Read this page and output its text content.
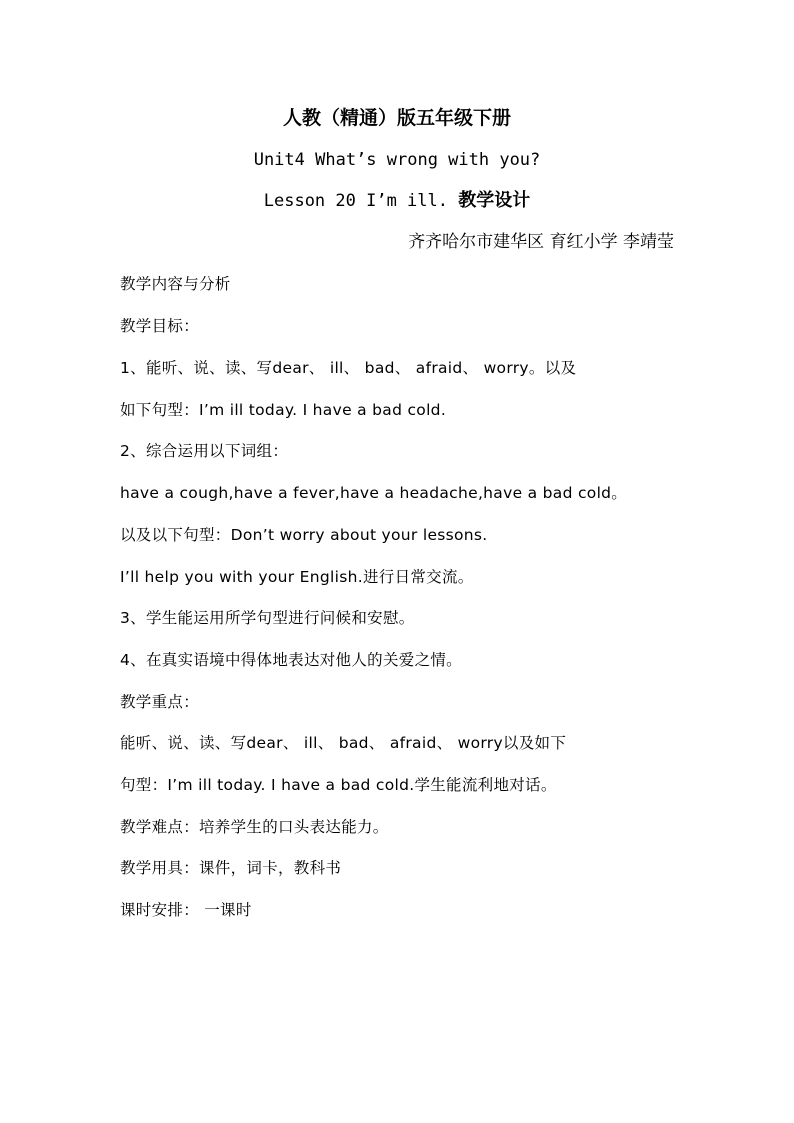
人教（精通）版五年级下册
Unit4 What’s wrong with you?
Lesson 20 I’m ill. 教学设计
齐齐哈尔市建华区 育红小学 李靖莹
教学内容与分析
教学目标：
1、能听、说、读、写dear、 ill、 bad、 afraid、 worry。以及
如下句型：I’m ill today. I have a bad cold.
2、综合运用以下词组：
have a cough,have a fever,have a headache,have a bad cold。
以及以下句型：Don’t worry about your lessons.
I’ll help you with your English.进行日常交流。
3、学生能运用所学句型进行问候和安慰。
4、在真实语境中得体地表达对他人的关爱之情。
教学重点：
能听、说、读、写dear、 ill、 bad、 afraid、 worry以及如下
句型：I’m ill today. I have a bad cold.学生能流利地对话。
教学难点：培养学生的口头表达能力。
教学用具：课件，词卡，教科书
课时安排： 一课时
